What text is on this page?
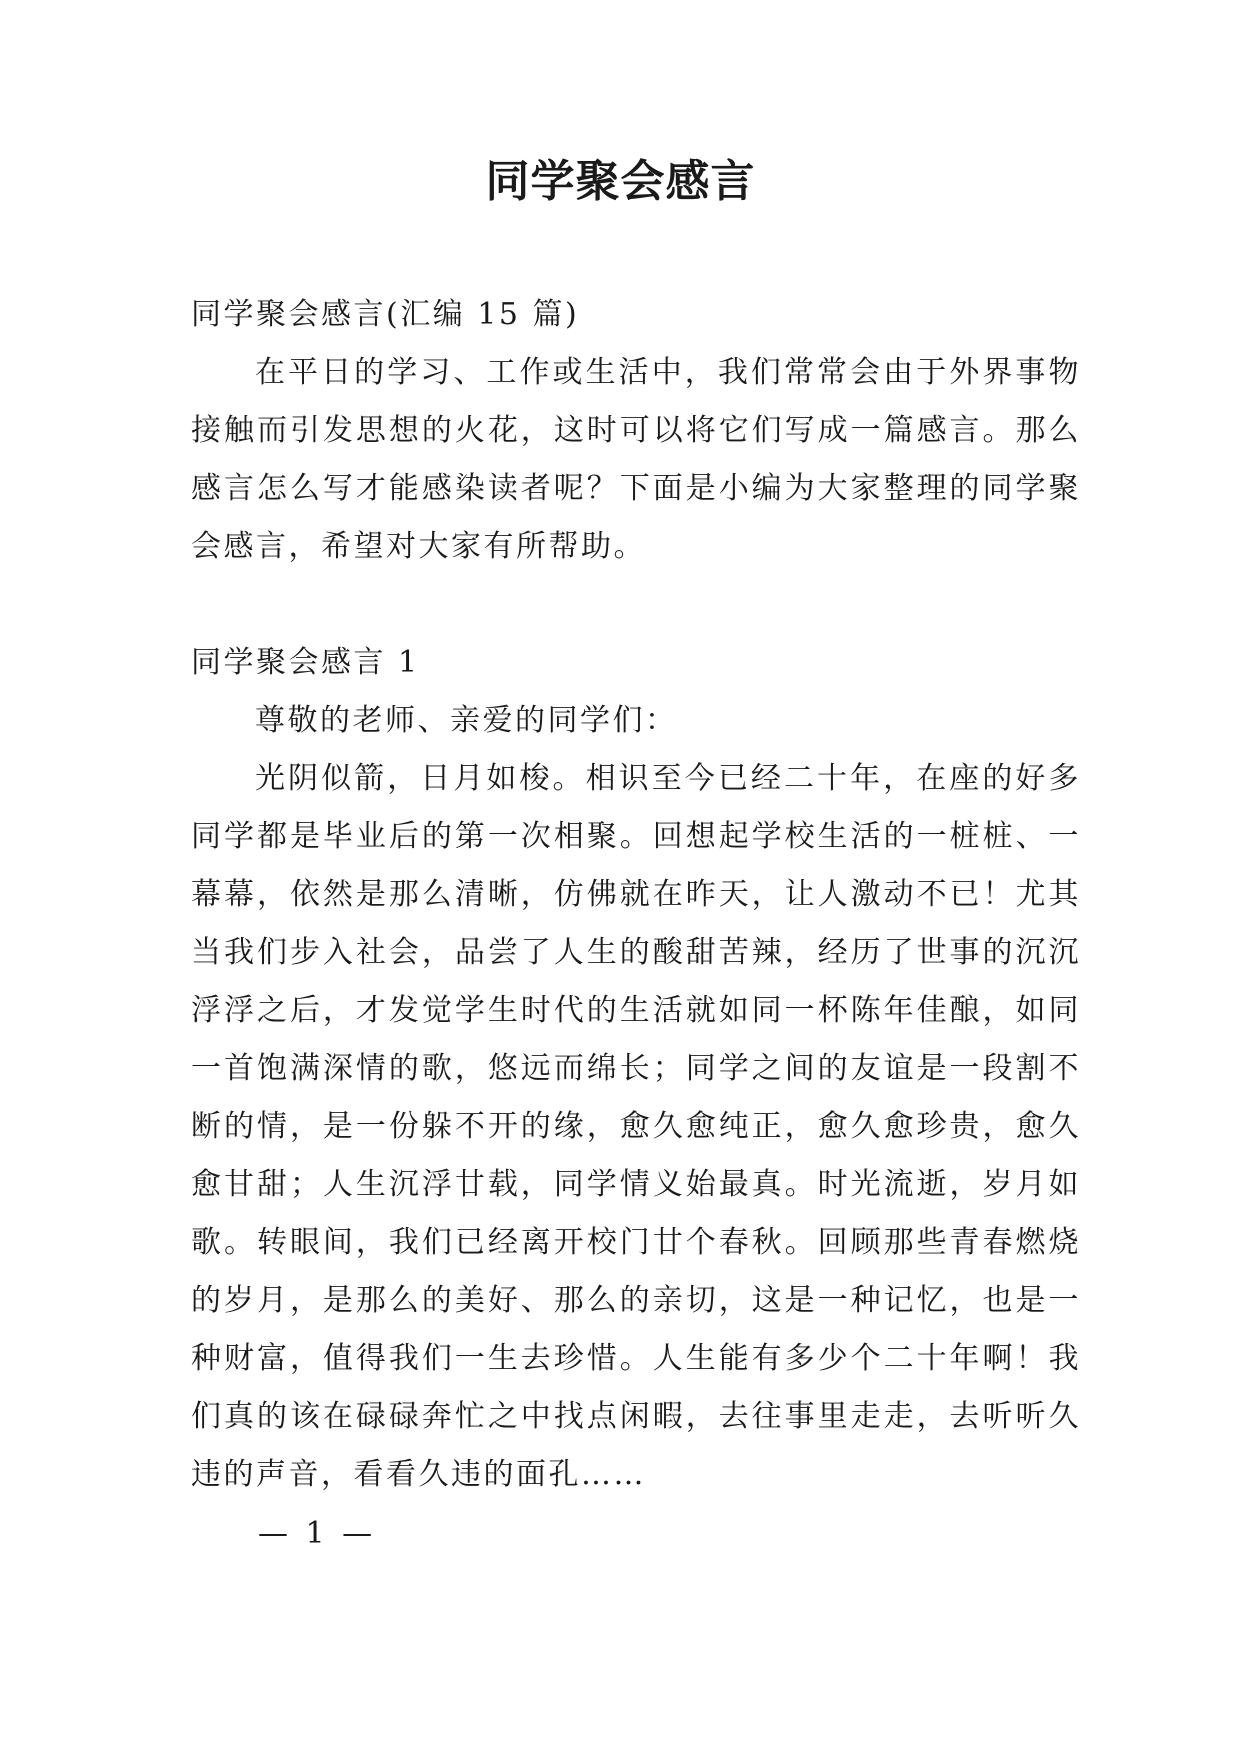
同学聚会感言

同学聚会感言(汇编 15 篇)

在平日的学习、工作或生活中，我们常常会由于外界事物接触而引发思想的火花，这时可以将它们写成一篇感言。那么感言怎么写才能感染读者呢？下面是小编为大家整理的同学聚会感言，希望对大家有所帮助。

同学聚会感言 1

尊敬的老师、亲爱的同学们：

光阴似箭，日月如梭。相识至今已经二十年，在座的好多同学都是毕业后的第一次相聚。回想起学校生活的一桩桩、一幕幕，依然是那么清晰，仿佛就在昨天，让人激动不已！尤其当我们步入社会，品尝了人生的酸甜苦辣，经历了世事的沉沉浮浮之后，才发觉学生时代的生活就如同一杯陈年佳酿，如同一首饱满深情的歌，悠远而绵长；同学之间的友谊是一段割不断的情，是一份躲不开的缘，愈久愈纯正，愈久愈珍贵，愈久愈甘甜；人生沉浮廿载，同学情义始最真。时光流逝，岁月如歌。转眼间，我们已经离开校门廿个春秋。回顾那些青春燃烧的岁月，是那么的美好、那么的亲切，这是一种记忆，也是一种财富，值得我们一生去珍惜。人生能有多少个二十年啊！我们真的该在碌碌奔忙之中找点闲暇，去往事里走走，去听听久违的声音，看看久违的面孔……

— 1 —
